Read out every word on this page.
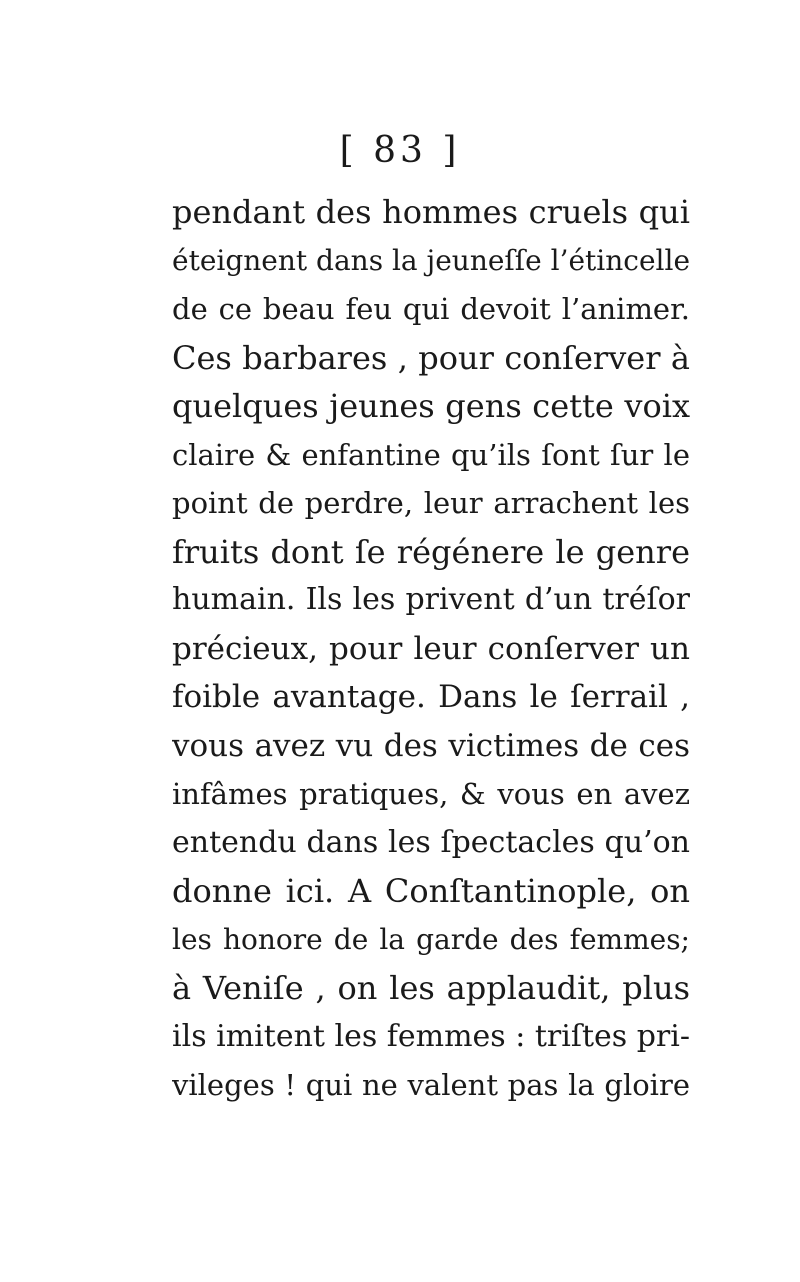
[ 83 ]
pendant des hommes cruels qui
éteignent dans la jeuneſſe l’étincelle
de ce beau feu qui devoit l’animer.
Ces barbares , pour conſerver à
quelques jeunes gens cette voix
claire & enfantine qu’ils ſont ſur le
point de perdre, leur arrachent les
fruits dont ſe régénere le genre
humain. Ils les privent d’un tréſor
précieux, pour leur conſerver un
foible avantage. Dans le ſerrail ,
vous avez vu des victimes de ces
infâmes pratiques, & vous en avez
entendu dans les ſpectacles qu’on
donne ici. A Conſtantinople, on
les honore de la garde des femmes;
à Veniſe , on les applaudit, plus
ils imitent les femmes : triſtes pri-
vileges ! qui ne valent pas la gloire
